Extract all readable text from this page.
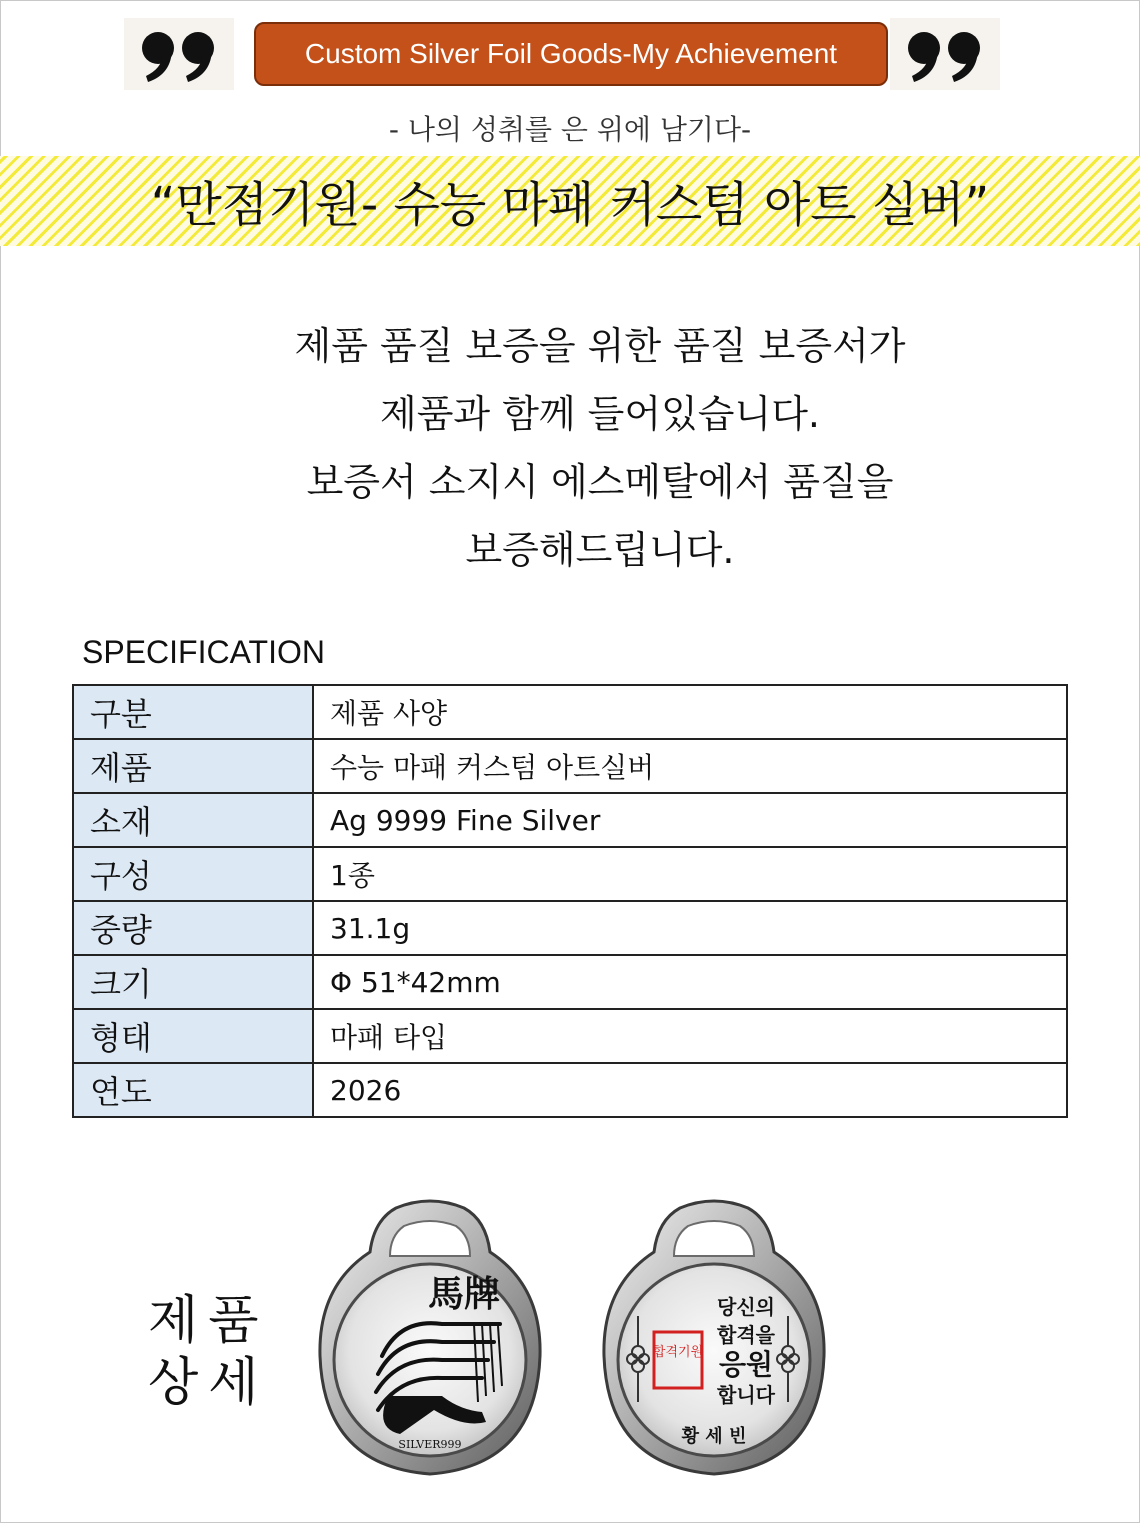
Custom Silver Foil Goods-My Achievement
- 나의 성취를 은 위에 남기다-
“만점기원- 수능 마패 커스텀 아트 실버”
제품 품질 보증을 위한 품질 보증서가
제품과 함께 들어있습니다.
보증서 소지시 에스메탈에서 품질을
보증해드립니다.
SPECIFICATION
구분	제품 사양
제품	수능 마패 커스텀 아트실버
소재	Ag 9999 Fine Silver
구성	1종
중량	31.1g
크기	Φ 51*42mm
형태	마패 타입
연도	2026
제품
상세
馬牌
SILVER999
합격기원
당신의
합격을
응원
합니다
황 세 빈
